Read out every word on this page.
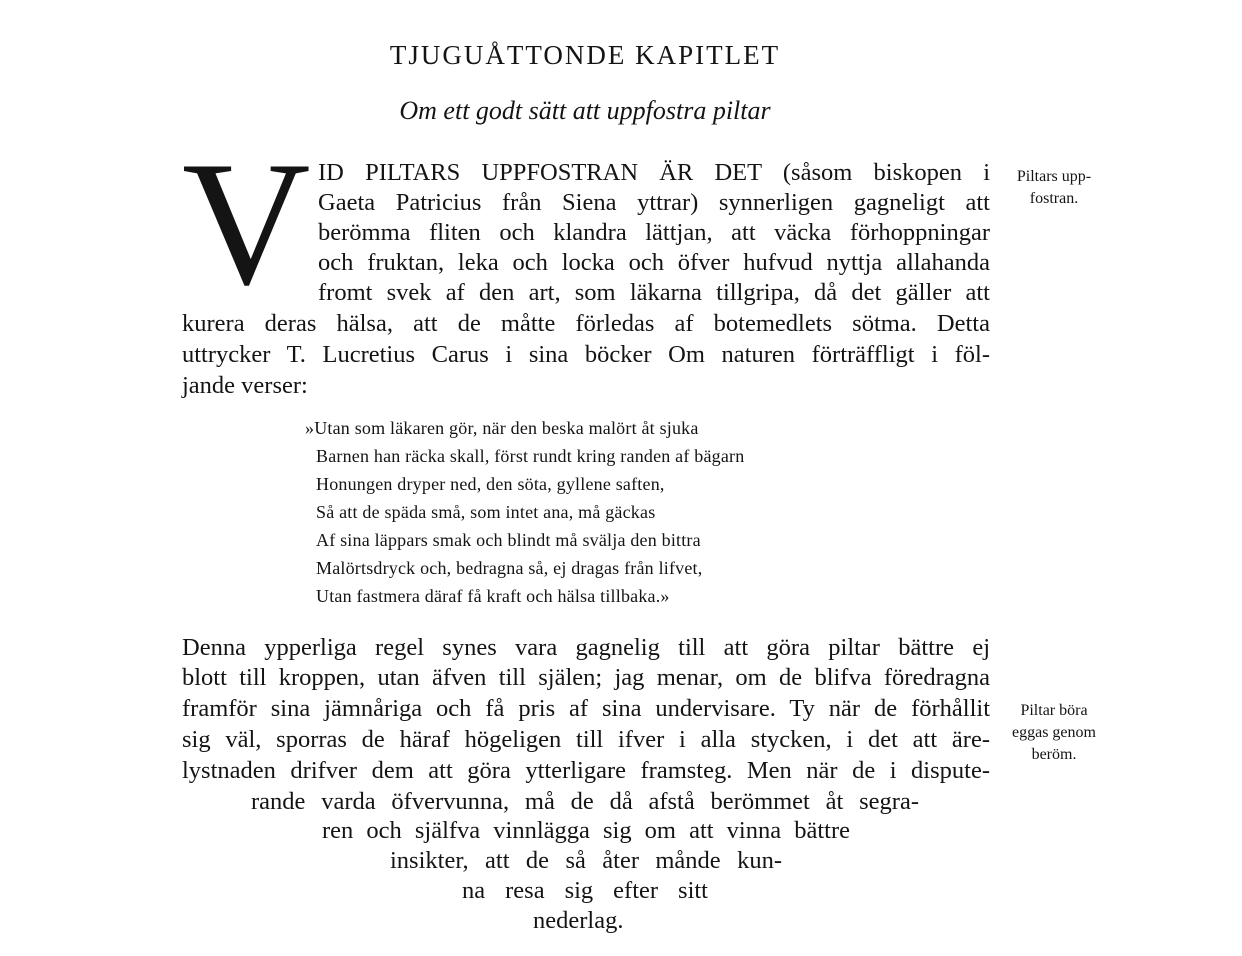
TJUGUÅTTONDE KAPITLET
Om ett godt sätt att uppfostra piltar
V ID PILTARS UPPFOSTRAN ÄR DET (såsom biskopen i
Gaeta Patricius från Siena yttrar) synnerligen gagneligt att
berömma fliten och klandra lättjan, att väcka förhoppningar
och fruktan, leka och locka och öfver hufvud nyttja allahanda
fromt svek af den art, som läkarna tillgripa, då det gäller att
kurera deras hälsa, att de måtte förledas af botemedlets sötma. Detta
uttrycker T. Lucretius Carus i sina böcker Om naturen förträffligt i föl-
jande verser:
»Utan som läkaren gör, när den beska malört åt sjuka
Barnen han räcka skall, först rundt kring randen af bägarn
Honungen dryper ned, den söta, gyllene saften,
Så att de späda små, som intet ana, må gäckas
Af sina läppars smak och blindt må svälja den bittra
Malörtsdryck och, bedragna så, ej dragas från lifvet,
Utan fastmera däraf få kraft och hälsa tillbaka.»
Denna ypperliga regel synes vara gagnelig till att göra piltar bättre ej
blott till kroppen, utan äfven till själen; jag menar, om de blifva föredragna
framför sina jämnåriga och få pris af sina undervisare. Ty när de förhållit
sig väl, sporras de häraf högeligen till ifver i alla stycken, i det att äre-
lystnaden drifver dem att göra ytterligare framsteg. Men när de i dispute-
rande varda öfvervunna, må de då afstå berömmet åt segra-
ren och själfva vinnlägga sig om att vinna bättre
insikter, att de så åter månde kun-
na resa sig efter sitt
nederlag.
Piltars upp-
fostran.
Piltar böra
eggas genom
beröm.
